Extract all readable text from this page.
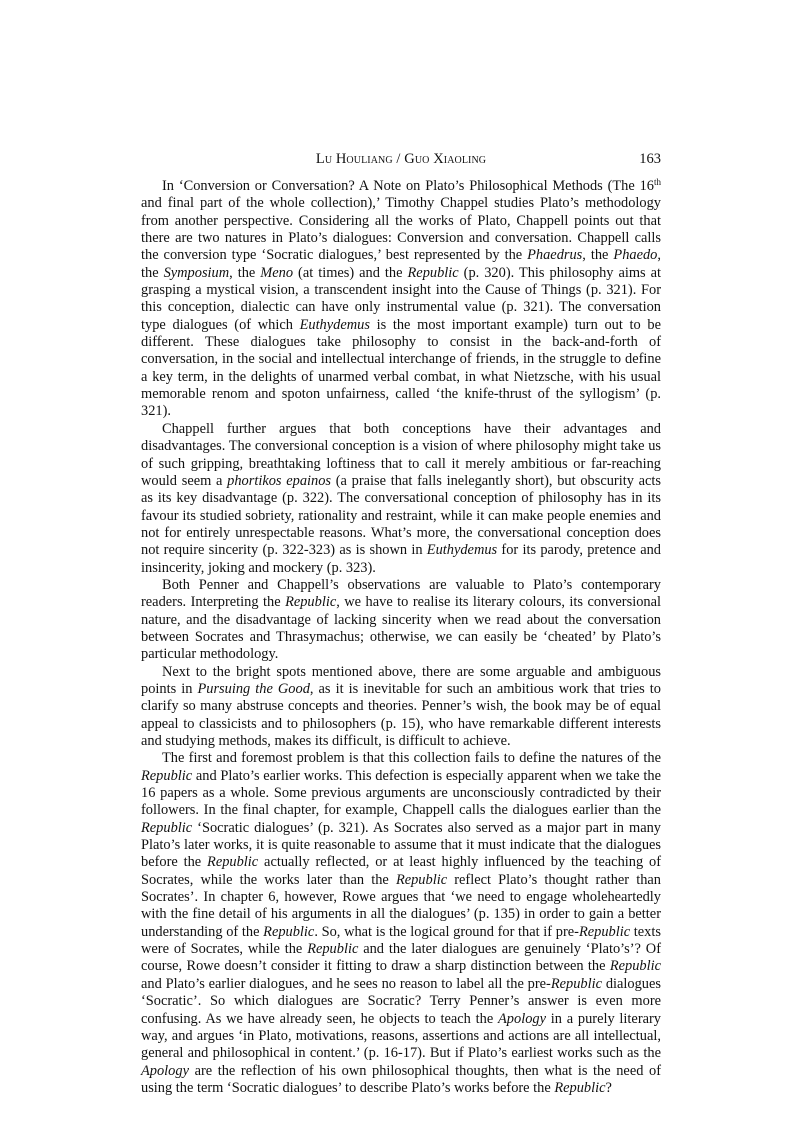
Lu Houliang / Guo Xiaoling	163

In ‘Conversion or Conversation? A Note on Plato’s Philosophical Methods (The 16th and final part of the whole collection),’ Timothy Chappel studies Plato’s methodology from another perspective. Considering all the works of Plato, Chappell points out that there are two natures in Plato’s dialogues: Conversion and conversation. Chappell calls the conversion type ‘Socratic dialogues,’ best represented by the Phaedrus, the Phaedo, the Symposium, the Meno (at times) and the Republic (p. 320). This philosophy aims at grasping a mystical vision, a transcendent insight into the Cause of Things (p. 321). For this conception, dialectic can have only instrumental value (p. 321). The conversation type dialogues (of which Euthydemus is the most important example) turn out to be different. These dialogues take philosophy to consist in the back-and-forth of conversation, in the social and intellectual interchange of friends, in the struggle to define a key term, in the delights of unarmed verbal combat, in what Nietzsche, with his usual memorable renom and spoton unfairness, called ‘the knife-thrust of the syllogism’ (p. 321).

Chappell further argues that both conceptions have their advantages and disadvantages. The conversional conception is a vision of where philosophy might take us of such gripping, breathtaking loftiness that to call it merely ambitious or far-reaching would seem a phortikos epainos (a praise that falls inelegantly short), but obscurity acts as its key disadvantage (p. 322). The conversational conception of philosophy has in its favour its studied sobriety, rationality and restraint, while it can make people enemies and not for entirely unrespectable reasons. What’s more, the conversational conception does not require sincerity (p. 322-323) as is shown in Euthydemus for its parody, pretence and insincerity, joking and mockery (p. 323).

Both Penner and Chappell’s observations are valuable to Plato’s contemporary readers. Interpreting the Republic, we have to realise its literary colours, its conversional nature, and the disadvantage of lacking sincerity when we read about the conversation between Socrates and Thrasymachus; otherwise, we can easily be ‘cheated’ by Plato’s particular methodology.

Next to the bright spots mentioned above, there are some arguable and ambiguous points in Pursuing the Good, as it is inevitable for such an ambitious work that tries to clarify so many abstruse concepts and theories. Penner’s wish, the book may be of equal appeal to classicists and to philosophers (p. 15), who have remarkable different interests and studying methods, makes its difficult, is difficult to achieve.

The first and foremost problem is that this collection fails to define the natures of the Republic and Plato’s earlier works. This defection is especially apparent when we take the 16 papers as a whole. Some previous arguments are unconsciously contradicted by their followers. In the final chapter, for example, Chappell calls the dialogues earlier than the Republic ‘Socratic dialogues’ (p. 321). As Socrates also served as a major part in many Plato’s later works, it is quite reasonable to assume that it must indicate that the dialogues before the Republic actually reflected, or at least highly influenced by the teaching of Socrates, while the works later than the Republic reflect Plato’s thought rather than Socrates’. In chapter 6, however, Rowe argues that ‘we need to engage wholeheartedly with the fine detail of his arguments in all the dialogues’ (p. 135) in order to gain a better understanding of the Republic. So, what is the logical ground for that if pre-Republic texts were of Socrates, while the Republic and the later dialogues are genuinely ‘Plato’s’? Of course, Rowe doesn’t consider it fitting to draw a sharp distinction between the Republic and Plato’s earlier dialogues, and he sees no reason to label all the pre-Republic dialogues ‘Socratic’. So which dialogues are Socratic? Terry Penner’s answer is even more confusing. As we have already seen, he objects to teach the Apology in a purely literary way, and argues ‘in Plato, motivations, reasons, assertions and actions are all intellectual, general and philosophical in content.’ (p. 16-17). But if Plato’s earliest works such as the Apology are the reflection of his own philosophical thoughts, then what is the need of using the term ‘Socratic dialogues’ to describe Plato’s works before the Republic?
